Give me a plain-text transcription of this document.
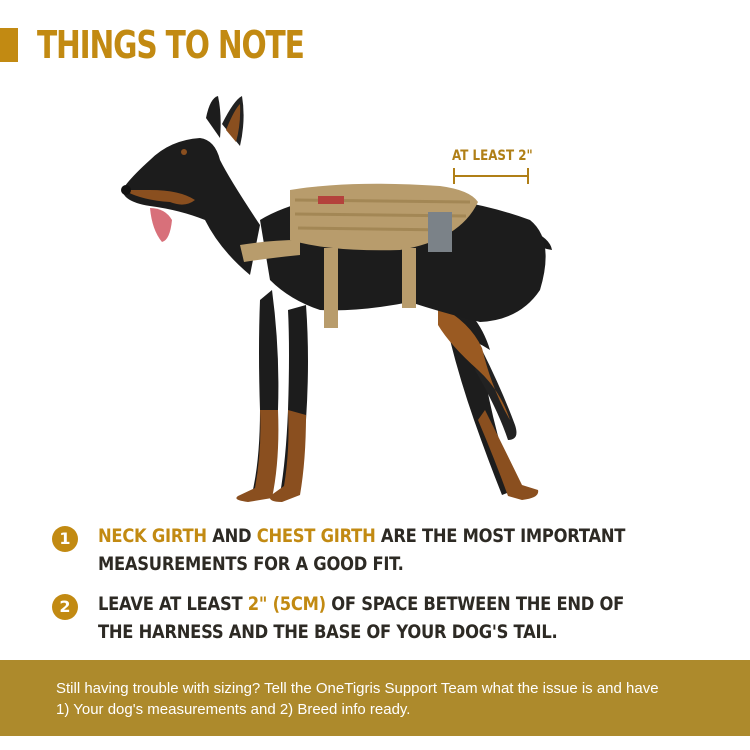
THINGS TO NOTE
AT LEAST 2"
1	NECK GIRTH AND CHEST GIRTH ARE THE MOST IMPORTANT MEASUREMENTS FOR A GOOD FIT.
2	LEAVE AT LEAST 2" (5CM) OF SPACE BETWEEN THE END OF THE HARNESS AND THE BASE OF YOUR DOG'S TAIL.
Still having trouble with sizing? Tell the OneTigris Support Team what the issue is and have
1) Your dog's measurements and 2) Breed info ready.
